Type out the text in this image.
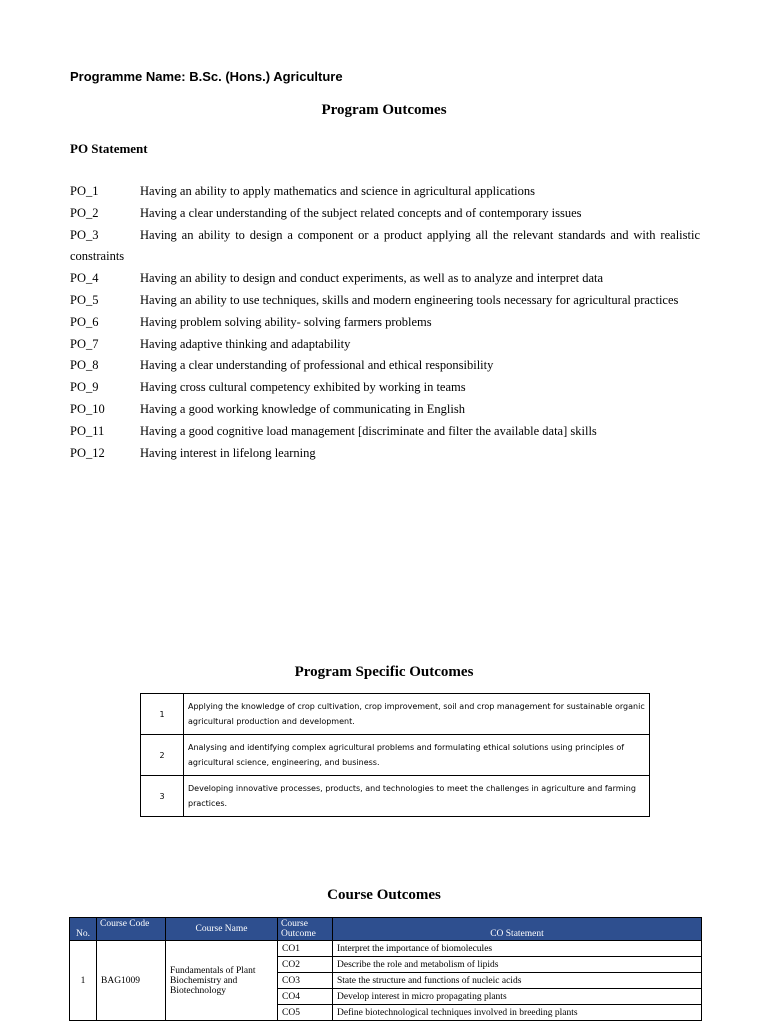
Programme Name: B.Sc. (Hons.) Agriculture
Program Outcomes
PO Statement
PO_1	Having an ability to apply mathematics and science in agricultural applications
PO_2	Having a clear understanding of the subject related concepts and of contemporary issues
PO_3	Having an ability to design a component or a product applying all the relevant standards and with realistic
constraints
PO_4	Having an ability to design and conduct experiments, as well as to analyze and interpret data
PO_5	Having an ability to use techniques, skills and modern engineering tools necessary for agricultural practices
PO_6	Having problem solving ability- solving farmers problems
PO_7	Having adaptive thinking and adaptability
PO_8	Having a clear understanding of professional and ethical responsibility
PO_9	Having cross cultural competency exhibited by working in teams
PO_10	Having a good working knowledge of communicating in English
PO_11	Having a good cognitive load management [discriminate and filter the available data] skills
PO_12	Having interest in lifelong learning
Program Specific Outcomes
1	Applying the knowledge of crop cultivation, crop improvement, soil and crop management for sustainable organic agricultural production and development.
2	Analysing and identifying complex agricultural problems and formulating ethical solutions using principles of agricultural science, engineering, and business.
3	Developing innovative processes, products, and technologies to meet the challenges in agriculture and farming practices.
Course Outcomes
No.	Course Code	Course Name	Course Outcome	CO Statement
1	BAG1009	Fundamentals of Plant Biochemistry and Biotechnology	CO1	Interpret the importance of biomolecules
			CO2	Describe the role and metabolism of lipids
			CO3	State the structure and functions of nucleic acids
			CO4	Develop interest in micro propagating plants
			CO5	Define biotechnological techniques involved in breeding plants
